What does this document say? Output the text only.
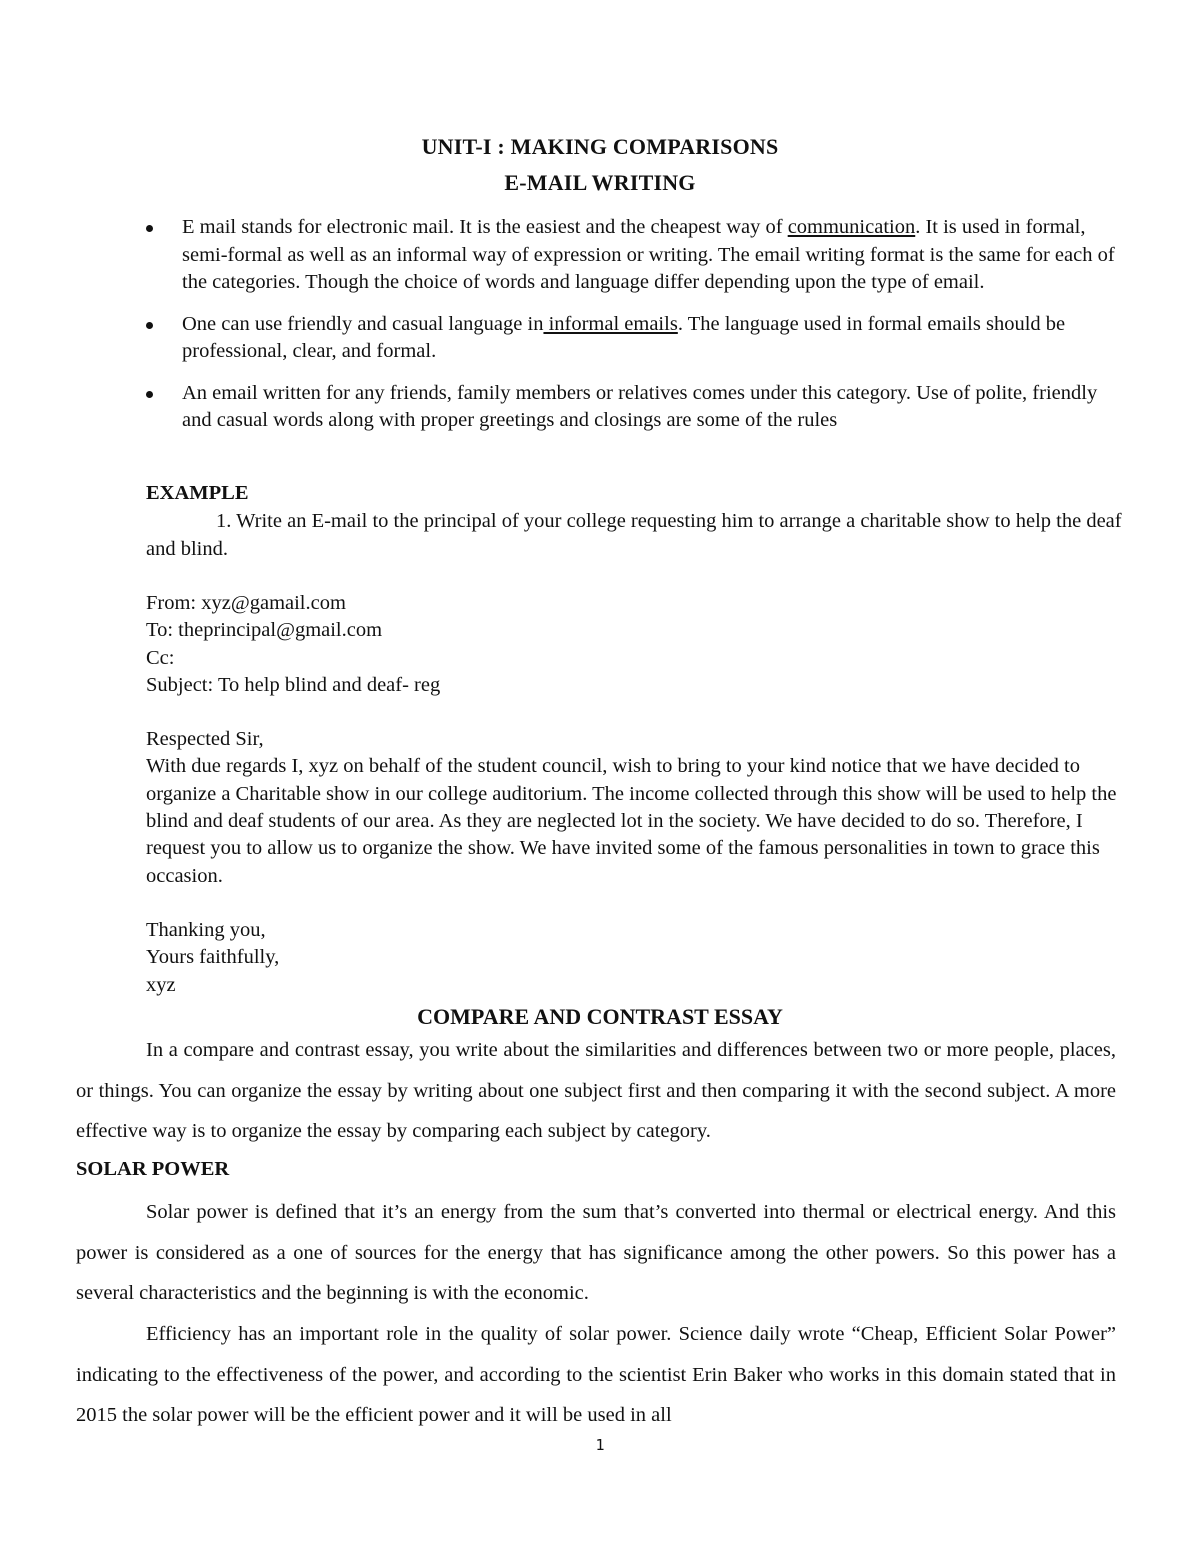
UNIT-I : MAKING COMPARISONS
E-MAIL WRITING
E mail stands for electronic mail. It is the easiest and the cheapest way of communication. It is used in formal, semi-formal as well as an informal way of expression or writing. The email writing format is the same for each of the categories. Though the choice of words and language differ depending upon the type of email.
One can use friendly and casual language in informal emails. The language used in formal emails should be professional, clear, and formal.
An email written for any friends, family members or relatives comes under this category. Use of polite, friendly and casual words along with proper greetings and closings are some of the rules
EXAMPLE
1. Write an E-mail to the principal of your college requesting him to arrange a charitable show to help the deaf and blind.
From: xyz@gamail.com
To: theprincipal@gmail.com
Cc:
Subject: To help blind and deaf- reg
Respected Sir,
With due regards I, xyz on behalf of the student council, wish to bring to your kind notice that we have decided to organize a Charitable show in our college auditorium. The income collected through this show will be used to help the blind and deaf students of our area. As they are neglected lot in the society. We have decided to do so. Therefore, I request you to allow us to organize the show. We have invited some of the famous personalities in town to grace this occasion.
Thanking you,
Yours faithfully,
xyz
COMPARE AND CONTRAST ESSAY
In a compare and contrast essay, you write about the similarities and differences between two or more people, places, or things. You can organize the essay by writing about one subject first and then comparing it with the second subject. A more effective way is to organize the essay by comparing each subject by category.
SOLAR POWER
Solar power is defined that it’s an energy from the sum that’s converted into thermal or electrical energy. And this power is considered as a one of sources for the energy that has significance among the other powers. So this power has a several characteristics and the beginning is with the economic.
Efficiency has an important role in the quality of solar power. Science daily wrote “Cheap, Efficient Solar Power” indicating to the effectiveness of the power, and according to the scientist Erin Baker who works in this domain stated that in 2015 the solar power will be the efficient power and it will be used in all
1
